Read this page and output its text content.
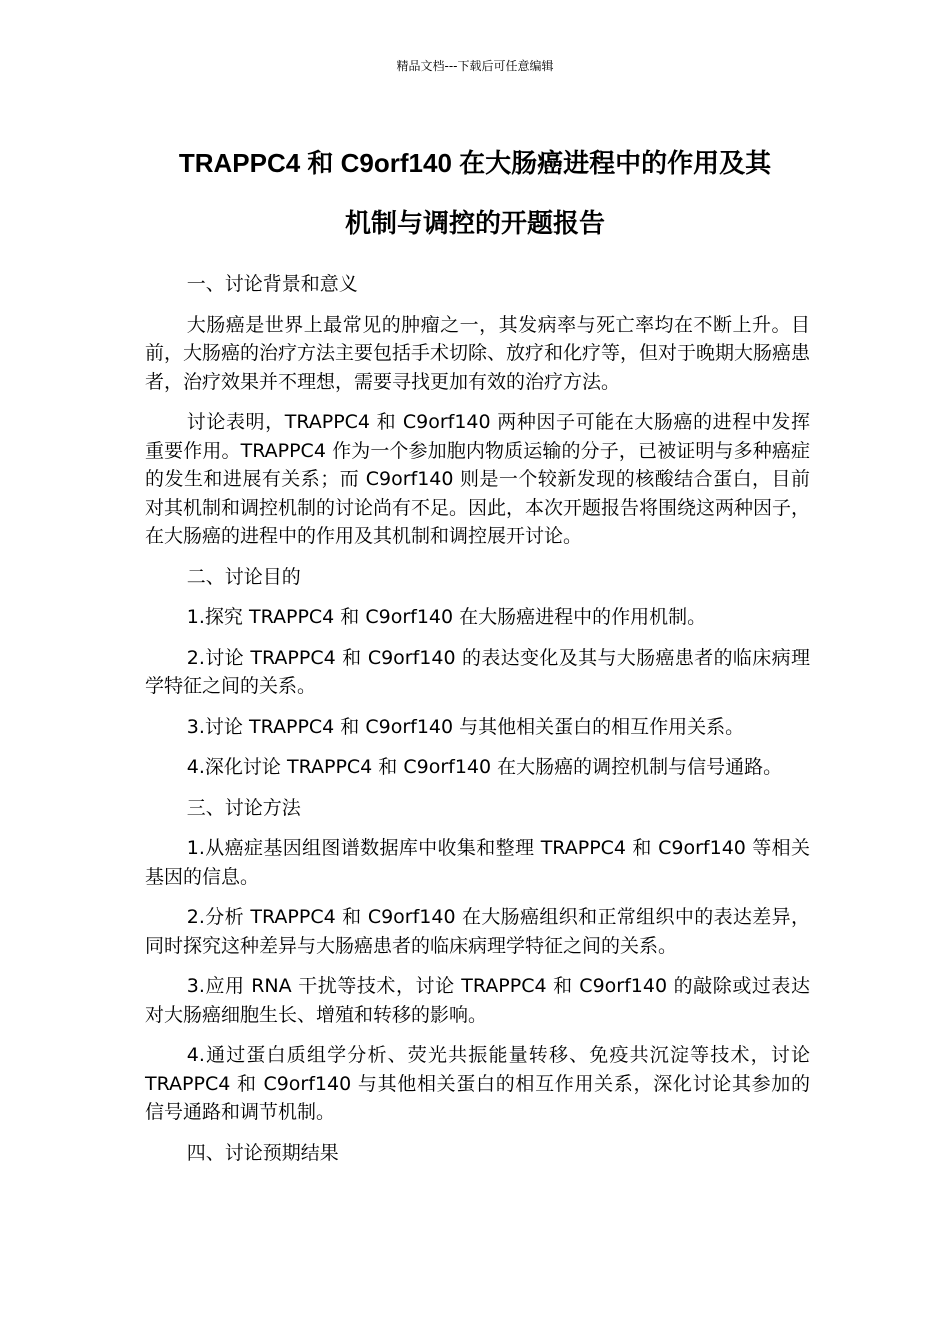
精品文档---下载后可任意编辑
TRAPPC4 和 C9orf140 在大肠癌进程中的作用及其
机制与调控的开题报告

一、讨论背景和意义

大肠癌是世界上最常见的肿瘤之一，其发病率与死亡率均在不断上升。目前，大肠癌的治疗方法主要包括手术切除、放疗和化疗等，但对于晚期大肠癌患者，治疗效果并不理想，需要寻找更加有效的治疗方法。

讨论表明，TRAPPC4 和 C9orf140 两种因子可能在大肠癌的进程中发挥重要作用。TRAPPC4 作为一个参加胞内物质运输的分子，已被证明与多种癌症的发生和进展有关系；而 C9orf140 则是一个较新发现的核酸结合蛋白，目前对其机制和调控机制的讨论尚有不足。因此，本次开题报告将围绕这两种因子，在大肠癌的进程中的作用及其机制和调控展开讨论。

二、讨论目的

1.探究 TRAPPC4 和 C9orf140 在大肠癌进程中的作用机制。

2.讨论 TRAPPC4 和 C9orf140 的表达变化及其与大肠癌患者的临床病理学特征之间的关系。

3.讨论 TRAPPC4 和 C9orf140 与其他相关蛋白的相互作用关系。

4.深化讨论 TRAPPC4 和 C9orf140 在大肠癌的调控机制与信号通路。

三、讨论方法

1.从癌症基因组图谱数据库中收集和整理 TRAPPC4 和 C9orf140 等相关基因的信息。

2.分析 TRAPPC4 和 C9orf140 在大肠癌组织和正常组织中的表达差异，同时探究这种差异与大肠癌患者的临床病理学特征之间的关系。

3.应用 RNA 干扰等技术，讨论 TRAPPC4 和 C9orf140 的敲除或过表达对大肠癌细胞生长、增殖和转移的影响。

4.通过蛋白质组学分析、荧光共振能量转移、免疫共沉淀等技术，讨论 TRAPPC4 和 C9orf140 与其他相关蛋白的相互作用关系，深化讨论其参加的信号通路和调节机制。

四、讨论预期结果
